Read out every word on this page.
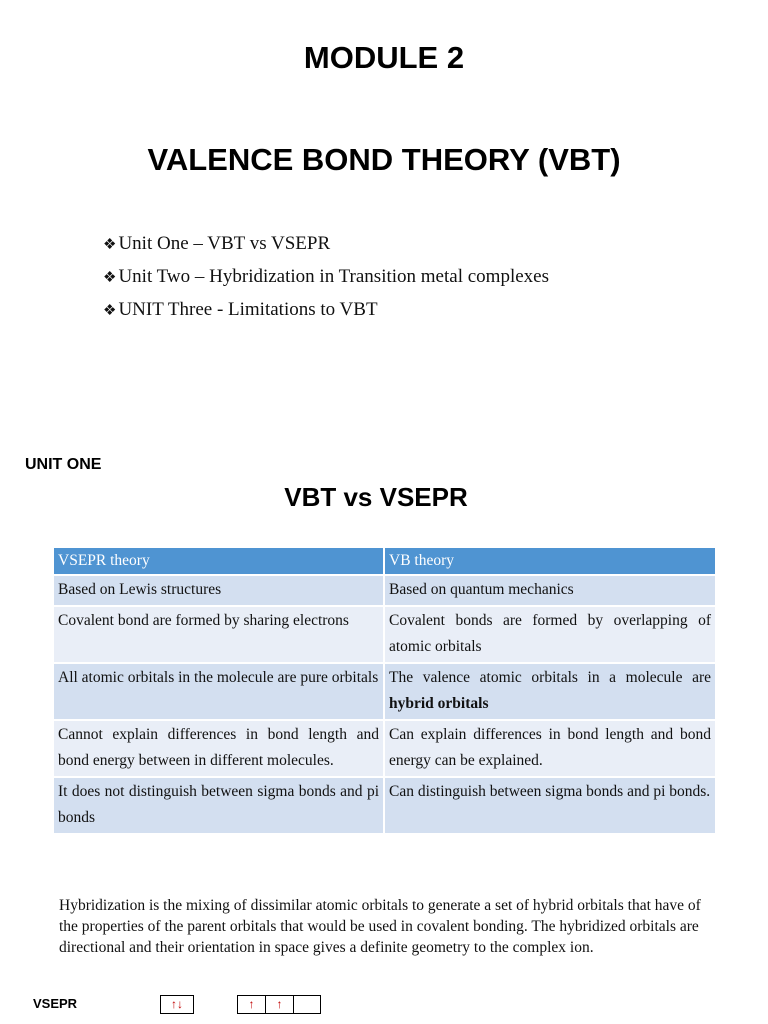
MODULE 2
VALENCE BOND THEORY (VBT)
❖ Unit One – VBT vs VSEPR
❖ Unit Two – Hybridization in Transition metal complexes
❖ UNIT Three - Limitations to VBT
UNIT ONE
VBT vs VSEPR
VSEPR theory	VB theory
Based on Lewis structures	Based on quantum mechanics
Covalent bond are formed by sharing electrons	Covalent bonds are formed by overlapping of atomic orbitals
All atomic orbitals in the molecule are pure orbitals	The valence atomic orbitals in a molecule are hybrid orbitals
Cannot explain differences in bond length and bond energy between in different molecules.	Can explain differences in bond length and bond energy can be explained.
It does not distinguish between sigma bonds and pi bonds	Can distinguish between sigma bonds and pi bonds.

Hybridization is the mixing of dissimilar atomic orbitals to generate a set of hybrid orbitals that have of the properties of the parent orbitals that would be used in covalent bonding. The hybridized orbitals are directional and their orientation in space gives a definite geometry to the complex ion.

VSEPR	↑↓	↑	↑
